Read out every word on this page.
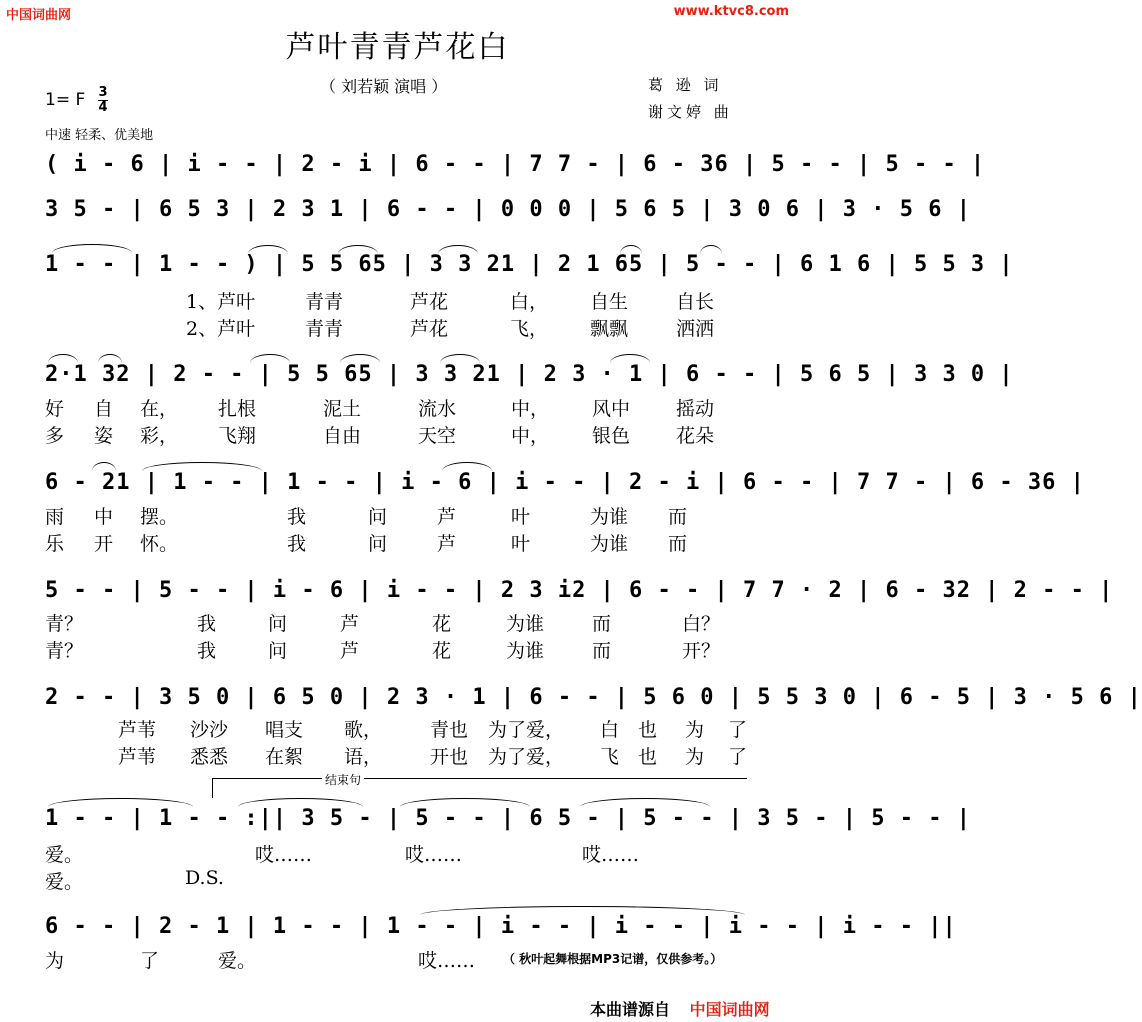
中国词曲网	www.ktvc8.com
芦叶青青芦花白
（ 刘若颖 演唱 ）	葛 逊 词
谢文婷 曲
1= F 3
4
中速 轻柔、优美地
( i - 6 | i - - | 2 - i | 6 - - | 7 7 - | 6 - 36 | 5 - - | 5 - - |
3 5 - | 6 5 3 | 2 3 1 | 6 - - | 0 0 0 | 5 6 5 | 3 0 6 | 3 · 5 6 |
1 - - | 1 - - ) | 5 5 65 | 3 3 21 | 2 1 65 | 5 - - | 6 1 6 | 5 5 3 |
2·1 32 | 2 - - | 5 5 65 | 3 3 21 | 2 3 · 1 | 6 - - | 5 6 5 | 3 3 0 |
6 - 21 | 1 - - | 1 - - | i - 6 | i - - | 2 - i | 6 - - | 7 7 - | 6 - 36 |
5 - - | 5 - - | i - 6 | i - - | 2 3 i2 | 6 - - | 7 7 · 2 | 6 - 32 | 2 - - |
2 - - | 3 5 0 | 6 5 0 | 2 3 · 1 | 6 - - | 5 6 0 | 5 5 3 0 | 6 - 5 | 3 · 5 6 |
1 - - | 1 - - :|| 3 5 - | 5 - - | 6 5 - | 5 - - | 3 5 - | 5 - - |
6 - - | 2 - 1 | 1 - - | 1 - - | i - - | i - - | i - - | i - - ||
1、芦叶	青青	芦花	白， 自生	自长
2、芦叶	青青	芦花	飞， 飘飘	洒洒
好 自 在， 扎根	泥土	流水	中， 风中 摇动
多 姿 彩， 飞翔	自由	天空	中， 银色 花朵
雨 中 摆。	我	问	芦	叶	为谁 而
乐 开 怀。	我	问	芦	叶	为谁 而
青？	我	问	芦	花	为谁	而	白？
青？	我	问	芦	花	为谁	而	开？
芦苇 沙沙 唱支 歌，	青也 为了爱， 白 也 为 了
芦苇 悉悉 在絮 语，	开也 为了爱， 飞 也 为 了
结束句
爱。	哎……	哎……	哎……
爱。	D.S.
为	了	爱。	哎…… （ 秋叶起舞根据MP3记谱，仅供参考。）
本曲谱源自 中国词曲网
